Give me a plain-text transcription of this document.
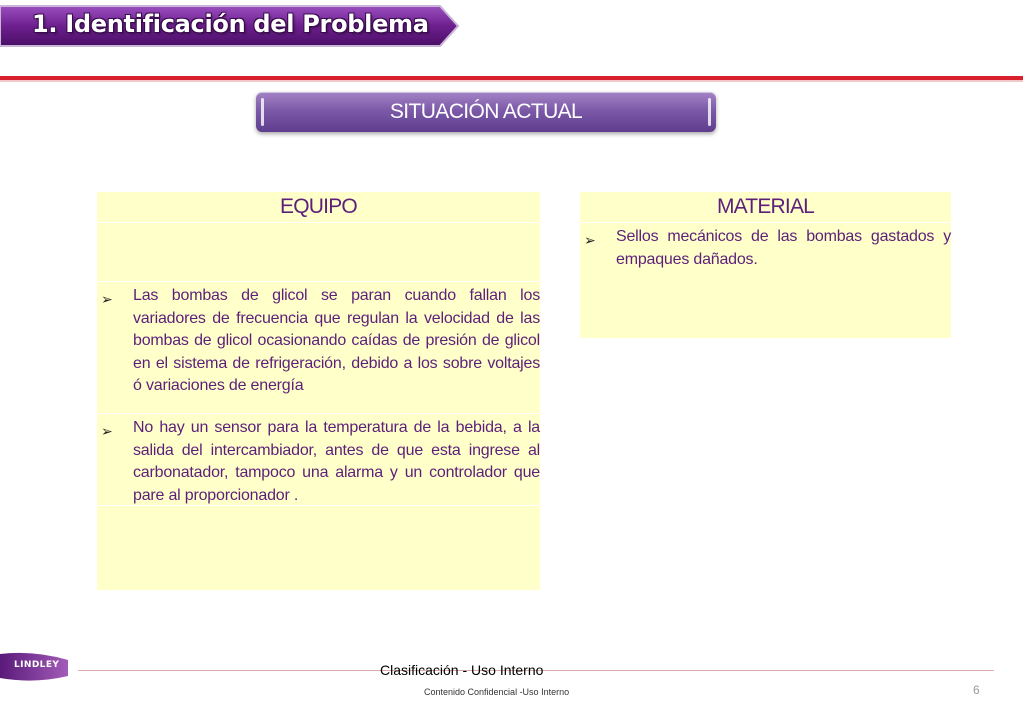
1. Identificación del Problema
SITUACIÓN ACTUAL
EQUIPO
➢ Las bombas de glicol se paran cuando fallan los variadores de frecuencia que regulan la velocidad de las bombas de glicol ocasionando caídas de presión de glicol en el sistema de refrigeración, debido a los sobre voltajes ó variaciones de energía
➢ No hay un sensor para la temperatura de la bebida, a la salida del intercambiador, antes de que esta ingrese al carbonatador, tampoco una alarma y un controlador que pare al proporcionador .
MATERIAL
➢ Sellos mecánicos de las bombas gastados y empaques dañados.
LINDLEY	Clasificación - Uso Interno
Contenido Confidencial -Uso Interno	6
